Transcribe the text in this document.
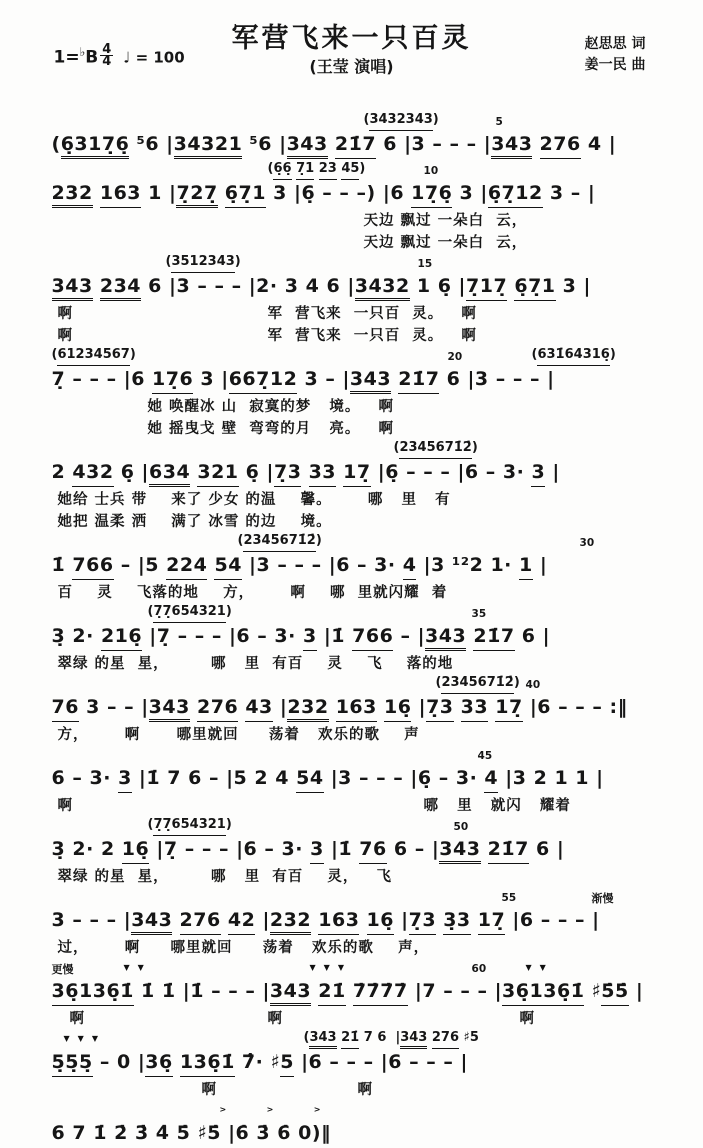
$1=^♭B \frac{4}{4}$ ♩ = 100
军营飞来一只百灵
(王莹 演唱)
赵思思 词
姜一民 曲
(3432343)	5
(63176 ⁵6 |34321 ⁵6 |343 217 6 |3 – – – |343 276 4 |
(66 71 23 45)	10
232 163 1 |727 671 3 |6 – – –) |6 176 3 |6712 3 – |
天边 飘过 一朵白  云，
天边 飘过 一朵白  云，
(3512343)	15
343 234 6 |3 – – – |2· 3 4 6 |3432 1 6 |717 671 3 |
啊	军  营飞来  一只百  灵。   啊
啊	军  营飞来  一只百  灵。   啊
(61234567)	20	(63164316)
7 – – – |6 176 3 |66712 3 – |343 217 6 |3 – – – |
她 唤醒冰 山  寂寞的梦   境。   啊
她 摇曳戈 壁  弯弯的月   亮。   啊
(23456712)
2 432 6 |634 321 6 |73 33 17 |6 – – – |6 – 3· 3 |
她给 士兵 带    来了 少女 的温    馨。      哪   里   有
她把 温柔 洒    满了 冰雪 的边    境。
(23456712)	30
1 766 – |5 224 54 |3 – – – |6 – 3· 4 |3 ¹²2 1· 1 |
百    灵    飞落的地    方，      啊    哪  里就闪耀  着
(77654321)	35
3 2· 216 |7 – – – |6 – 3· 3 |1 766 – |343 217 6 |
翠绿 的星  星，       哪   里  有百    灵    飞    落的地
(23456712) 40
76 3 – – |343 276 43 |232 163 16 |73 33 17 |6 – – – :‖
方，      啊      哪里就回     荡着   欢乐的歌    声
45
6 – 3· 3 |1 7 6 – |5 2 4 54 |3 – – – |6 – 3· 4 |3 2 1 1 |
啊	哪   里   就闪   耀着
(77654321)	50
3 2· 2 16 |7 – – – |6 – 3· 3 |1 76 6 – |343 217 6 |
翠绿 的星  星，       哪   里  有百    灵，   飞
55	渐慢
3 – – – |343 276 42 |232 163 16 |73 33 17 |6 – – – |
过，      啊     哪里就回     荡着   欢乐的歌    声，
更慢	▼▼	▼▼▼	60	▼▼
361361 1 1 |1 – – – |343 21 7777 |7 – – – |361361 ♯55 |
啊	啊	啊
▼▼▼	(343 21 7 6 |343 276 ♯5
555 – 0 |36 1361 7· ♯5 |6 – – – |6 – – – |
啊	啊
>	>	>
6 7 1 2 3 4 5 ♯5 |6 3 6 0)‖
